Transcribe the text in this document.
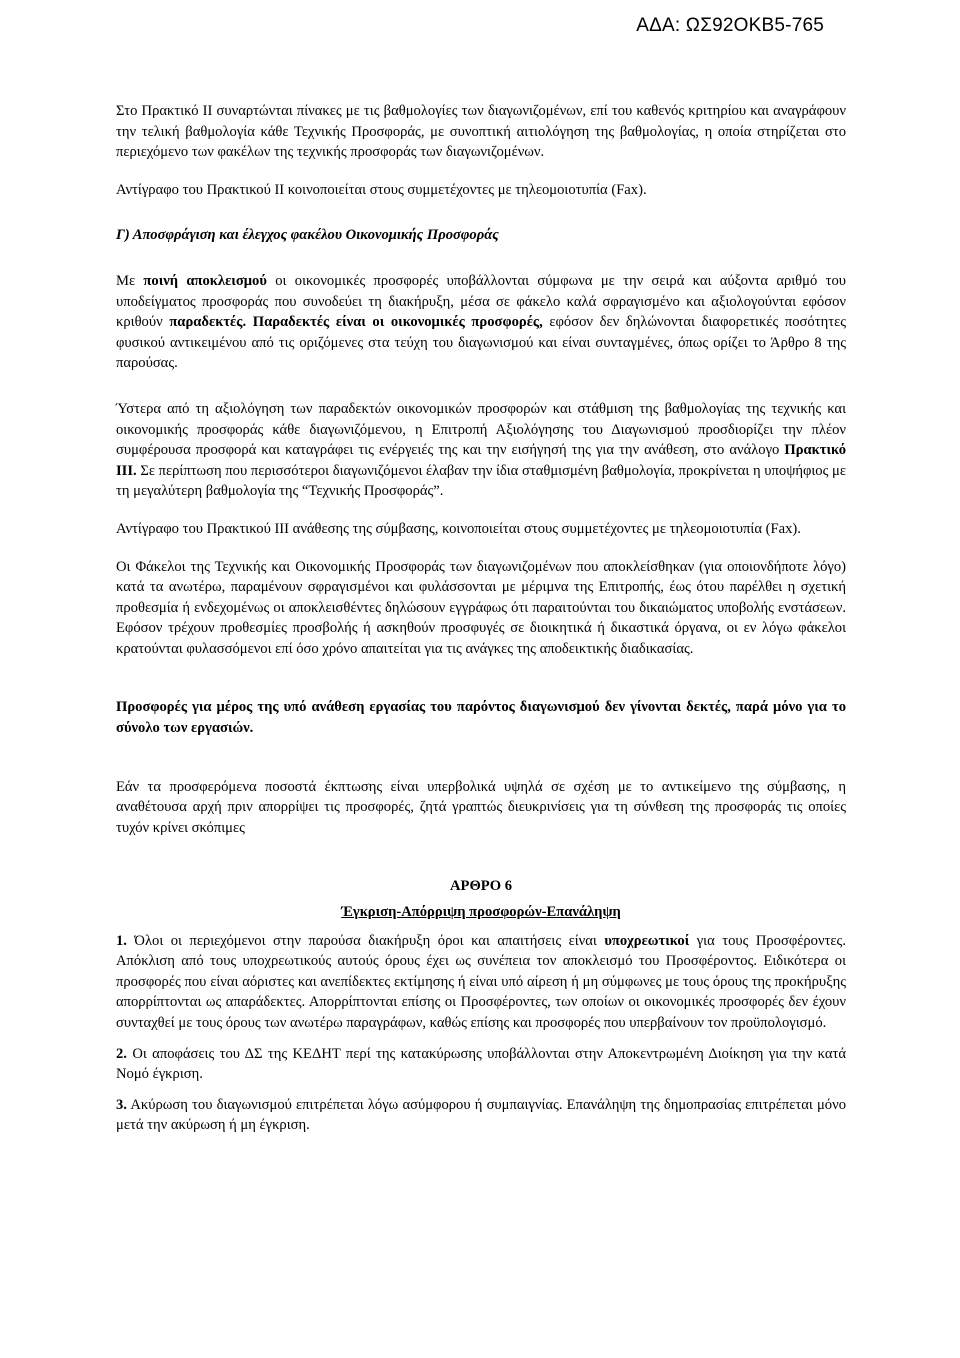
ΑΔΑ: ΩΣ92ΟΚΒ5-765

Στο Πρακτικό ΙΙ συναρτώνται πίνακες με τις βαθμολογίες των διαγωνιζομένων, επί του καθενός κριτηρίου και αναγράφουν την τελική βαθμολογία κάθε Τεχνικής Προσφοράς, με συνοπτική αιτιολόγηση της βαθμολογίας, η οποία στηρίζεται στο περιεχόμενο των φακέλων της τεχνικής προσφοράς των διαγωνιζομένων.

Αντίγραφο του Πρακτικού ΙΙ κοινοποιείται στους συμμετέχοντες με τηλεομοιοτυπία (Fax).

Γ) Αποσφράγιση και έλεγχος φακέλου Οικονομικής Προσφοράς

Με ποινή αποκλεισμού οι οικονομικές προσφορές υποβάλλονται σύμφωνα με την σειρά και αύξοντα αριθμό του υποδείγματος προσφοράς που συνοδεύει τη διακήρυξη, μέσα σε φάκελο καλά σφραγισμένο και αξιολογούνται εφόσον κριθούν παραδεκτές. Παραδεκτές είναι οι οικονομικές προσφορές, εφόσον δεν δηλώνονται διαφορετικές ποσότητες φυσικού αντικειμένου από τις οριζόμενες στα τεύχη του διαγωνισμού και είναι συνταγμένες, όπως ορίζει το Άρθρο 8 της παρούσας.

Ύστερα από τη αξιολόγηση των παραδεκτών οικονομικών προσφορών και στάθμιση της βαθμολογίας της τεχνικής και οικονομικής προσφοράς κάθε διαγωνιζόμενου, η Επιτροπή Αξιολόγησης του Διαγωνισμού προσδιορίζει την πλέον συμφέρουσα προσφορά και καταγράφει τις ενέργειές της και την εισήγησή της για την ανάθεση, στο ανάλογο Πρακτικό ΙΙΙ. Σε περίπτωση που περισσότεροι διαγωνιζόμενοι έλαβαν την ίδια σταθμισμένη βαθμολογία, προκρίνεται η υποψήφιος με τη μεγαλύτερη βαθμολογία της “Τεχνικής Προσφοράς”.

Αντίγραφο του Πρακτικού ΙΙΙ ανάθεσης της σύμβασης, κοινοποιείται στους συμμετέχοντες με τηλεομοιοτυπία (Fax).

Οι Φάκελοι της Τεχνικής και Οικονομικής Προσφοράς των διαγωνιζομένων που αποκλείσθηκαν (για οποιονδήποτε λόγο) κατά τα ανωτέρω, παραμένουν σφραγισμένοι και φυλάσσονται με μέριμνα της Επιτροπής, έως ότου παρέλθει η σχετική προθεσμία ή ενδεχομένως οι αποκλεισθέντες δηλώσουν εγγράφως ότι παραιτούνται του δικαιώματος υποβολής ενστάσεων. Εφόσον τρέχουν προθεσμίες προσβολής ή ασκηθούν προσφυγές σε διοικητικά ή δικαστικά όργανα, οι εν λόγω φάκελοι κρατούνται φυλασσόμενοι επί όσο χρόνο απαιτείται για τις ανάγκες της αποδεικτικής διαδικασίας.

Προσφορές για μέρος της υπό ανάθεση εργασίας του παρόντος διαγωνισμού δεν γίνονται δεκτές, παρά μόνο για το σύνολο των εργασιών.

Εάν τα προσφερόμενα ποσοστά έκπτωσης είναι υπερβολικά υψηλά σε σχέση με το αντικείμενο της σύμβασης, η αναθέτουσα αρχή πριν απορρίψει τις προσφορές, ζητά γραπτώς διευκρινίσεις για τη σύνθεση της προσφοράς τις οποίες τυχόν κρίνει σκόπιμες

ΑΡΘΡΟ 6

Έγκριση-Απόρριψη προσφορών-Επανάληψη

1. Όλοι οι περιεχόμενοι στην παρούσα διακήρυξη όροι και απαιτήσεις είναι υποχρεωτικοί για τους Προσφέροντες. Απόκλιση από τους υποχρεωτικούς αυτούς όρους έχει ως συνέπεια τον αποκλεισμό του Προσφέροντος. Ειδικότερα οι προσφορές που είναι αόριστες και ανεπίδεκτες εκτίμησης ή είναι υπό αίρεση ή μη σύμφωνες με τους όρους της προκήρυξης απορρίπτονται ως απαράδεκτες. Απορρίπτονται επίσης οι Προσφέροντες, των οποίων οι οικονομικές προσφορές δεν έχουν συνταχθεί με τους όρους των ανωτέρω παραγράφων, καθώς επίσης και προσφορές που υπερβαίνουν τον προϋπολογισμό.

2. Οι αποφάσεις του ΔΣ της ΚΕΔΗΤ περί της κατακύρωσης υποβάλλονται στην Αποκεντρωμένη Διοίκηση για την κατά Νομό έγκριση.

3. Ακύρωση του διαγωνισμού επιτρέπεται λόγω ασύμφορου ή συμπαιγνίας. Επανάληψη της δημοπρασίας επιτρέπεται μόνο μετά την ακύρωση ή μη έγκριση.
